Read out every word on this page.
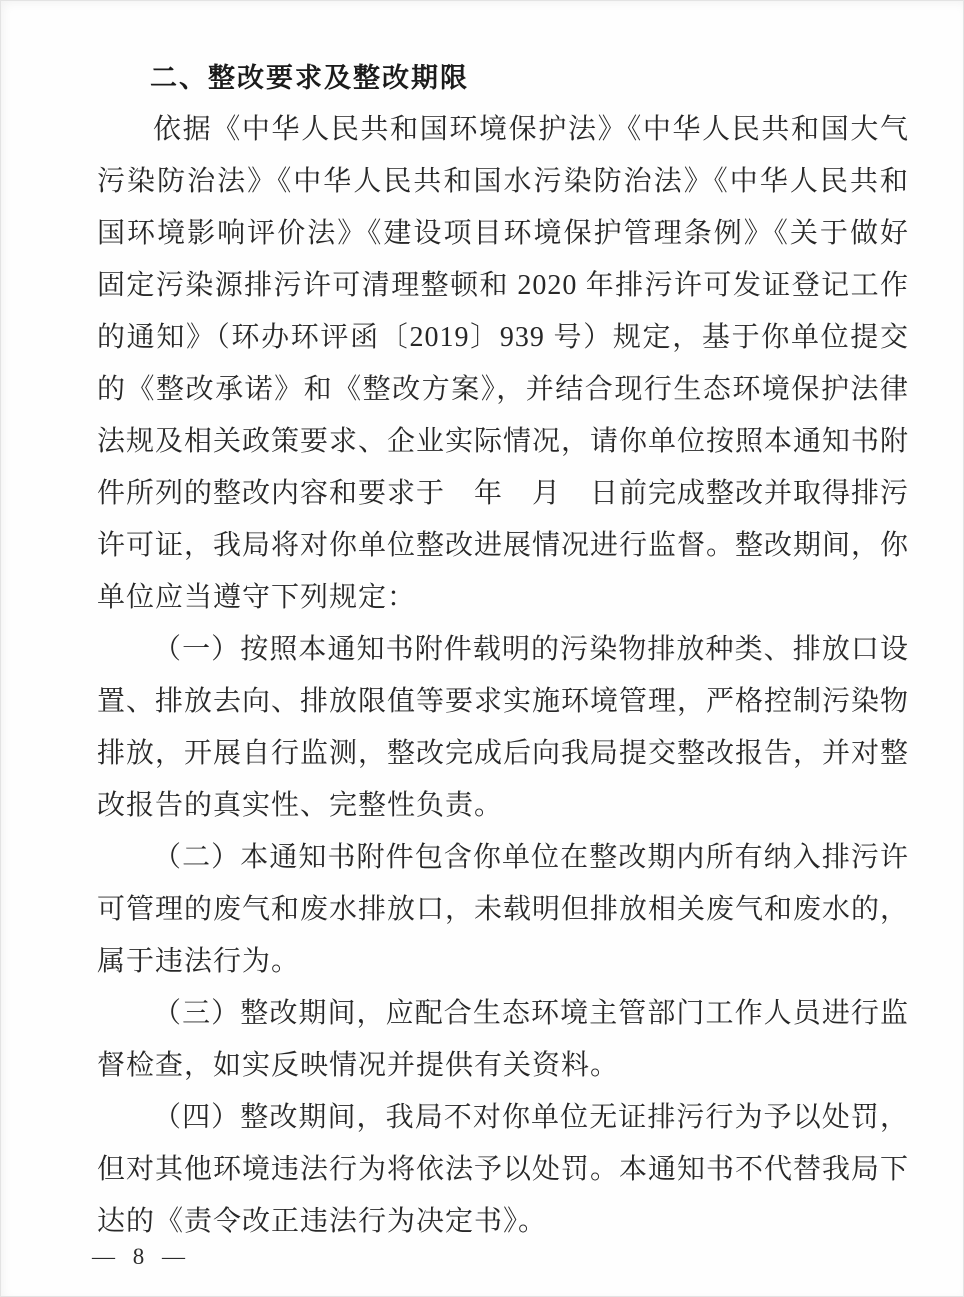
二、整改要求及整改期限

依据《中华人民共和国环境保护法》《中华人民共和国大气污染防治法》《中华人民共和国水污染防治法》《中华人民共和国环境影响评价法》《建设项目环境保护管理条例》《关于做好固定污染源排污许可清理整顿和 2020 年排污许可发证登记工作的通知》（环办环评函〔2019〕939 号）规定，基于你单位提交的《整改承诺》和《整改方案》，并结合现行生态环境保护法律法规及相关政策要求、企业实际情况，请你单位按照本通知书附件所列的整改内容和要求于　年　月　日前完成整改并取得排污许可证，我局将对你单位整改进展情况进行监督。整改期间，你单位应当遵守下列规定：

（一）按照本通知书附件载明的污染物排放种类、排放口设置、排放去向、排放限值等要求实施环境管理，严格控制污染物排放，开展自行监测，整改完成后向我局提交整改报告，并对整改报告的真实性、完整性负责。

（二）本通知书附件包含你单位在整改期内所有纳入排污许可管理的废气和废水排放口，未载明但排放相关废气和废水的，属于违法行为。

（三）整改期间，应配合生态环境主管部门工作人员进行监督检查，如实反映情况并提供有关资料。

（四）整改期间，我局不对你单位无证排污行为予以处罚，但对其他环境违法行为将依法予以处罚。本通知书不代替我局下达的《责令改正违法行为决定书》。

— 8 —
